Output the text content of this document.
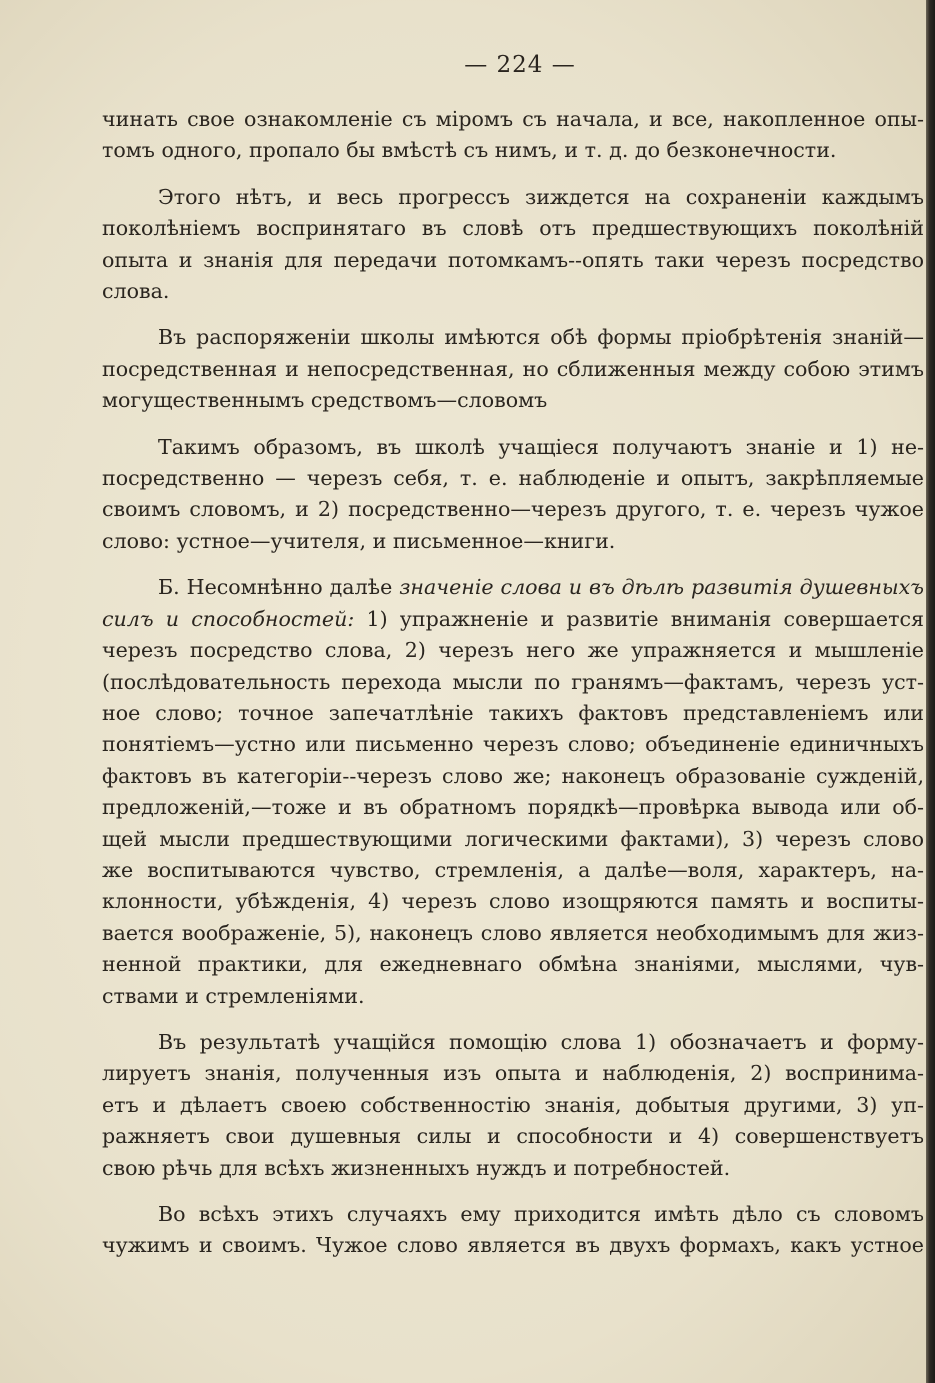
— 224 —
чинать свое ознакомленіе съ міромъ съ начала, и все, накопленное опы-
томъ одного, пропало бы вмѣстѣ съ нимъ, и т. д. до безконечности.
Этого нѣтъ, и весь прогрессъ зиждется на сохраненіи каждымъ
поколѣніемъ воспринятаго въ словѣ отъ предшествующихъ поколѣній
опыта и знанія для передачи потомкамъ--опять таки черезъ посредство
слова.
Въ распоряженіи школы имѣются обѣ формы пріобрѣтенія знаній—
посредственная и непосредственная, но сближенныя между собою этимъ
могущественнымъ средствомъ—словомъ
Такимъ образомъ, въ школѣ учащіеся получаютъ знаніе и 1) не-
посредственно — черезъ себя, т. е. наблюденіе и опытъ, закрѣпляемые
своимъ словомъ, и 2) посредственно—черезъ другого, т. е. черезъ чужое
слово: устное—учителя, и письменное—книги.
Б. Несомнѣнно далѣе значеніе слова и въ дѣлѣ развитія душевныхъ
силъ и способностей: 1) упражненіе и развитіе вниманія совершается
черезъ посредство слова, 2) черезъ него же упражняется и мышленіе
(послѣдовательность перехода мысли по гранямъ—фактамъ, черезъ уст-
ное слово; точное запечатлѣніе такихъ фактовъ представленіемъ или
понятіемъ—устно или письменно черезъ слово; объединеніе единичныхъ
фактовъ въ категоріи--черезъ слово же; наконецъ образованіе сужденій,
предложеній,—тоже и въ обратномъ порядкѣ—провѣрка вывода или об-
щей мысли предшествующими логическими фактами), 3) черезъ слово
же воспитываются чувство, стремленія, а далѣе—воля, характеръ, на-
клонности, убѣжденія, 4) черезъ слово изощряются память и воспиты-
вается воображеніе, 5), наконецъ слово является необходимымъ для жиз-
ненной практики, для ежедневнаго обмѣна знаніями, мыслями, чув-
ствами и стремленіями.
Въ результатѣ учащійся помощію слова 1) обозначаетъ и форму-
лируетъ знанія, полученныя изъ опыта и наблюденія, 2) воспринима-
етъ и дѣлаетъ своею собственностію знанія, добытыя другими, 3) уп-
ражняетъ свои душевныя силы и способности и 4) совершенствуетъ
свою рѣчь для всѣхъ жизненныхъ нуждъ и потребностей.
Во всѣхъ этихъ случаяхъ ему приходится имѣть дѣло съ словомъ
чужимъ и своимъ. Чужое слово является въ двухъ формахъ, какъ устное
